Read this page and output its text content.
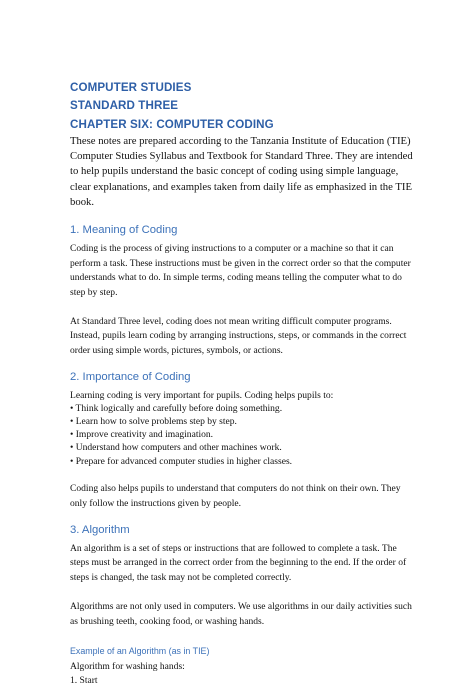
COMPUTER STUDIES

STANDARD THREE

CHAPTER SIX: COMPUTER CODING

These notes are prepared according to the Tanzania Institute of Education (TIE) Computer Studies Syllabus and Textbook for Standard Three. They are intended to help pupils understand the basic concept of coding using simple language, clear explanations, and examples taken from daily life as emphasized in the TIE book.

1. Meaning of Coding

Coding is the process of giving instructions to a computer or a machine so that it can perform a task. These instructions must be given in the correct order so that the computer understands what to do. In simple terms, coding means telling the computer what to do step by step.

At Standard Three level, coding does not mean writing difficult computer programs. Instead, pupils learn coding by arranging instructions, steps, or commands in the correct order using simple words, pictures, symbols, or actions.

2. Importance of Coding

Learning coding is very important for pupils. Coding helps pupils to:

• Think logically and carefully before doing something.

• Learn how to solve problems step by step.

• Improve creativity and imagination.

• Understand how computers and other machines work.

• Prepare for advanced computer studies in higher classes.

Coding also helps pupils to understand that computers do not think on their own. They only follow the instructions given by people.

3. Algorithm

An algorithm is a set of steps or instructions that are followed to complete a task. The steps must be arranged in the correct order from the beginning to the end. If the order of steps is changed, the task may not be completed correctly.

Algorithms are not only used in computers. We use algorithms in our daily activities such as brushing teeth, cooking food, or washing hands.

Example of an Algorithm (as in TIE)

Algorithm for washing hands:

1. Start
